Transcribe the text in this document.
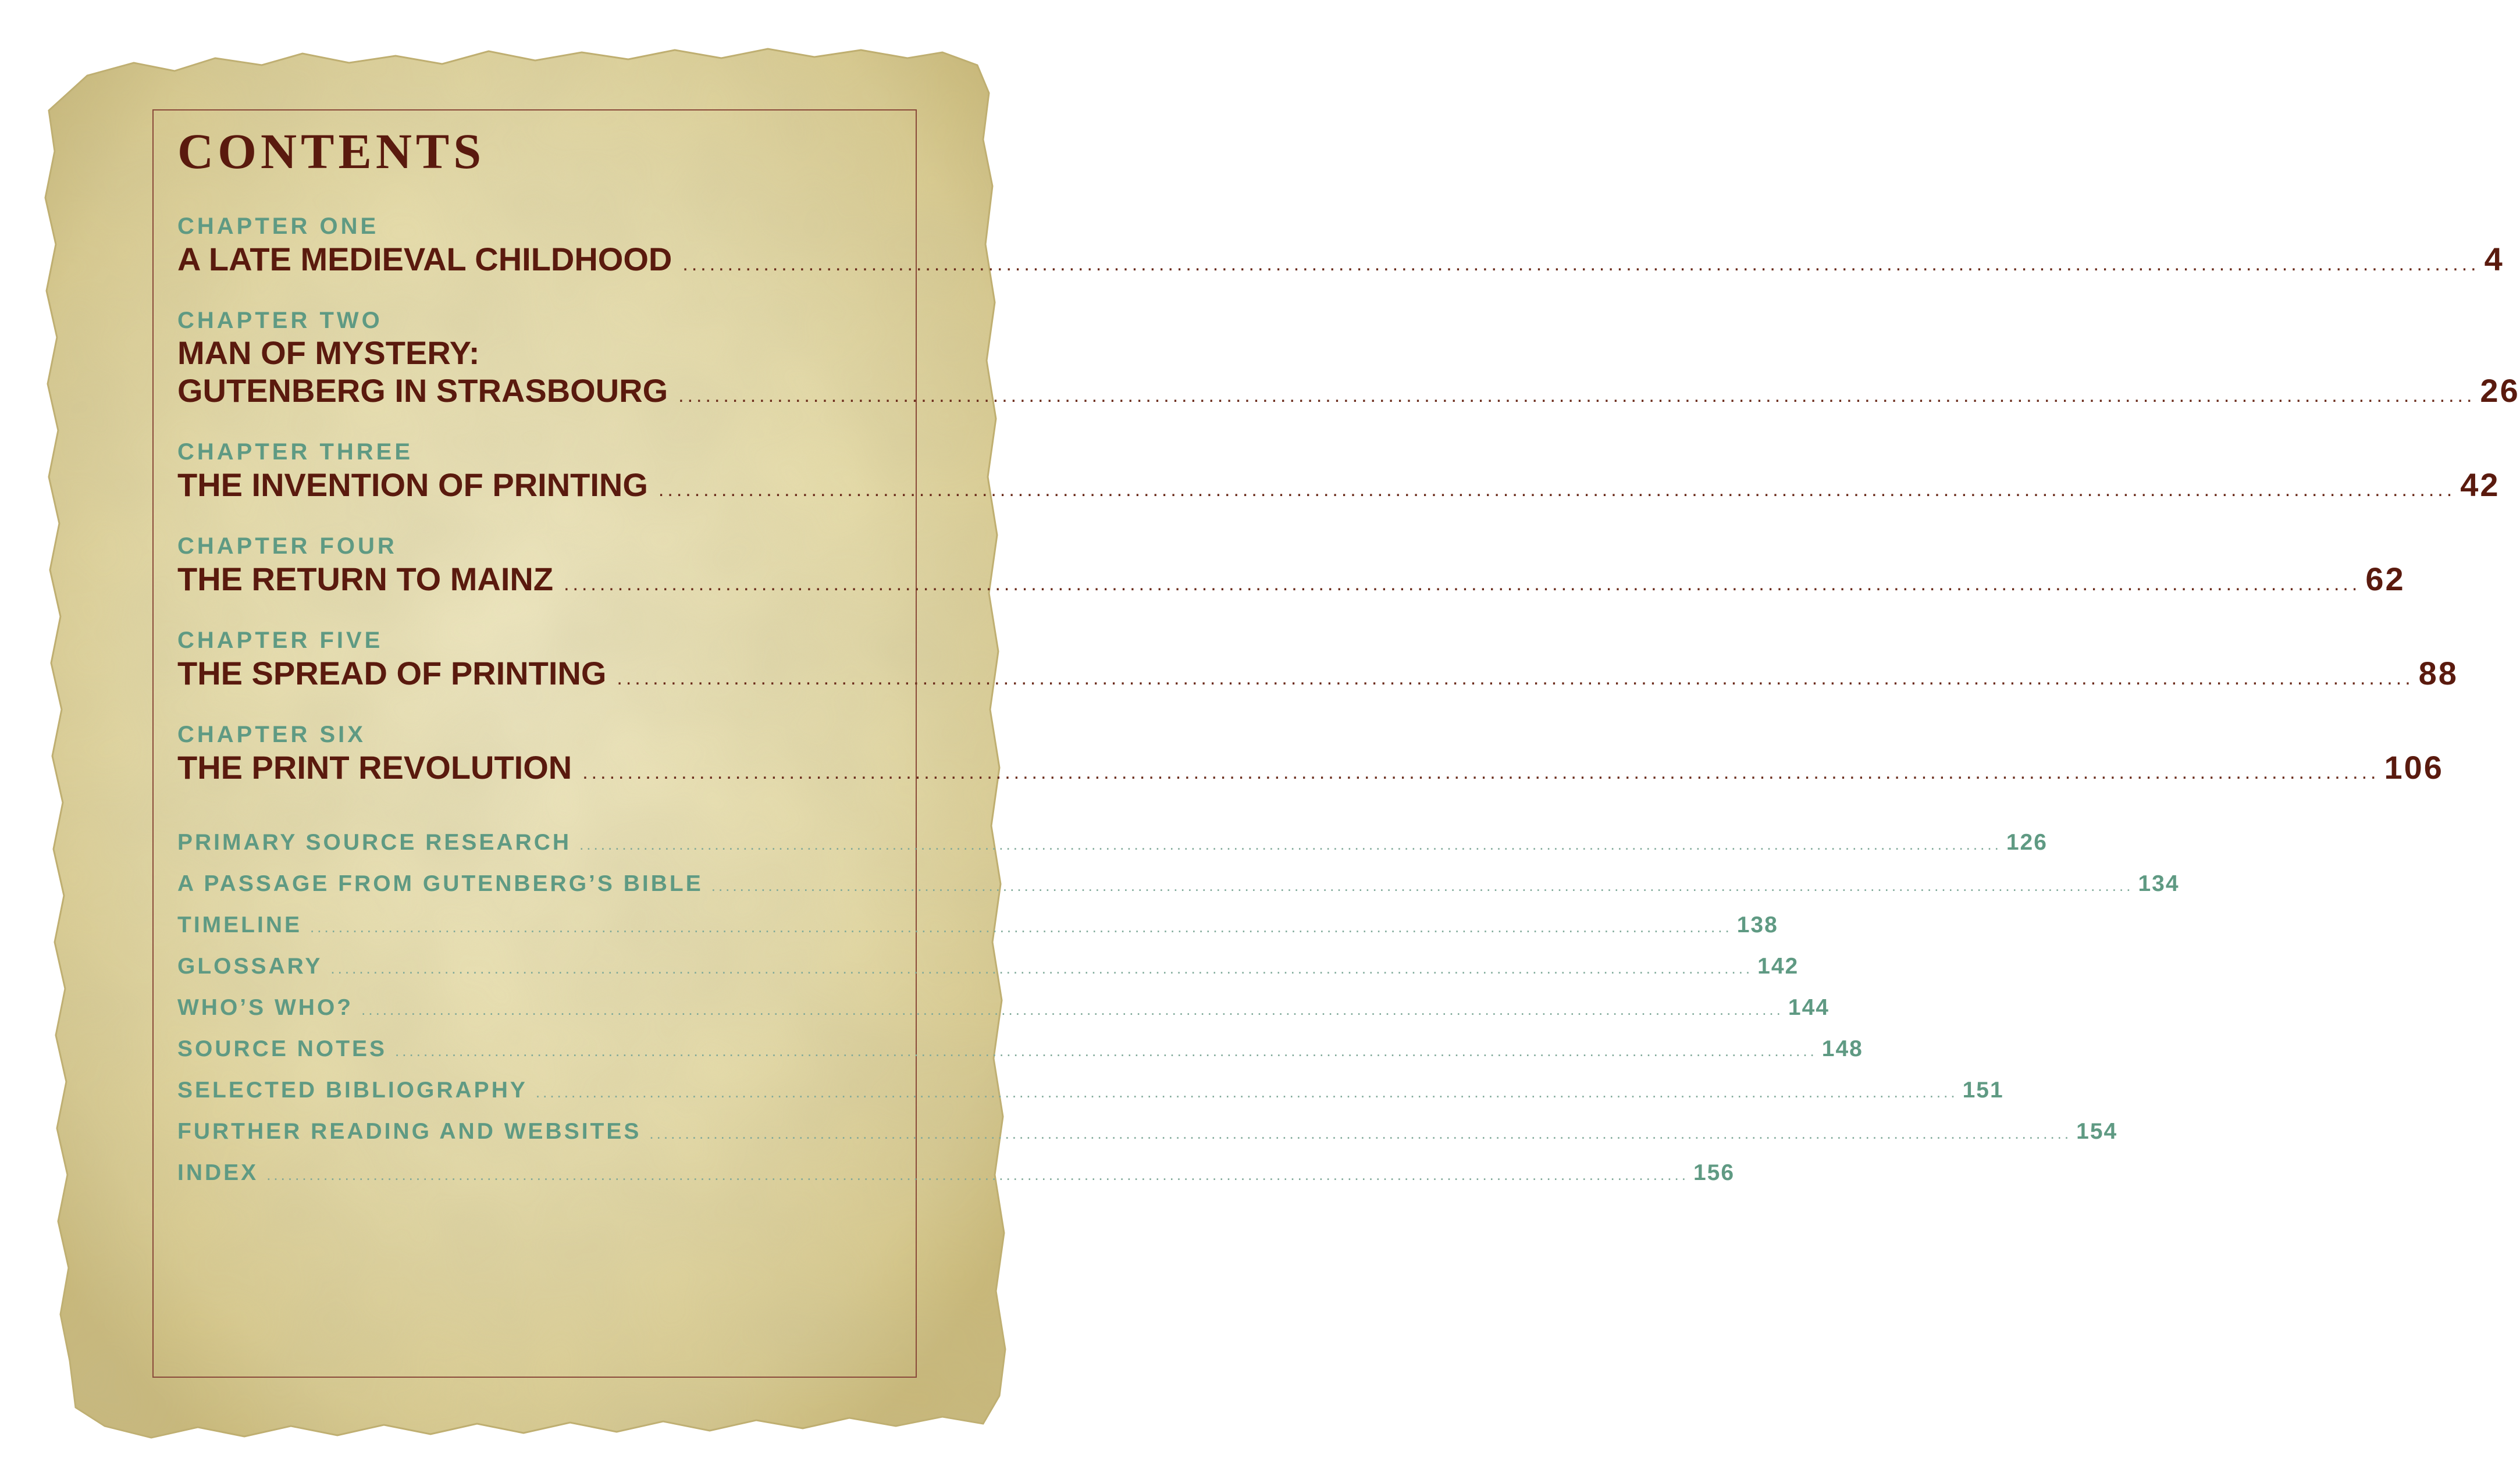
CONTENTS
CHAPTER ONE
A LATE MEDIEVAL CHILDHOOD ........................................................................................................................................................................................................ 4
CHAPTER TWO
MAN OF MYSTERY:
GUTENBERG IN STRASBOURG ........................................................................................................................................................................................................ 26
CHAPTER THREE
THE INVENTION OF PRINTING ........................................................................................................................................................................................................ 42
CHAPTER FOUR
THE RETURN TO MAINZ ........................................................................................................................................................................................................ 62
CHAPTER FIVE
THE SPREAD OF PRINTING ........................................................................................................................................................................................................ 88
CHAPTER SIX
THE PRINT REVOLUTION ........................................................................................................................................................................................................ 106
PRIMARY SOURCE RESEARCH ........................................................................................................................................................................................................ 126
A PASSAGE FROM GUTENBERG’S BIBLE ........................................................................................................................................................................................................ 134
TIMELINE ........................................................................................................................................................................................................ 138
GLOSSARY ........................................................................................................................................................................................................ 142
WHO’S WHO? ........................................................................................................................................................................................................ 144
SOURCE NOTES ........................................................................................................................................................................................................ 148
SELECTED BIBLIOGRAPHY ........................................................................................................................................................................................................ 151
FURTHER READING AND WEBSITES ........................................................................................................................................................................................................ 154
INDEX ........................................................................................................................................................................................................ 156
